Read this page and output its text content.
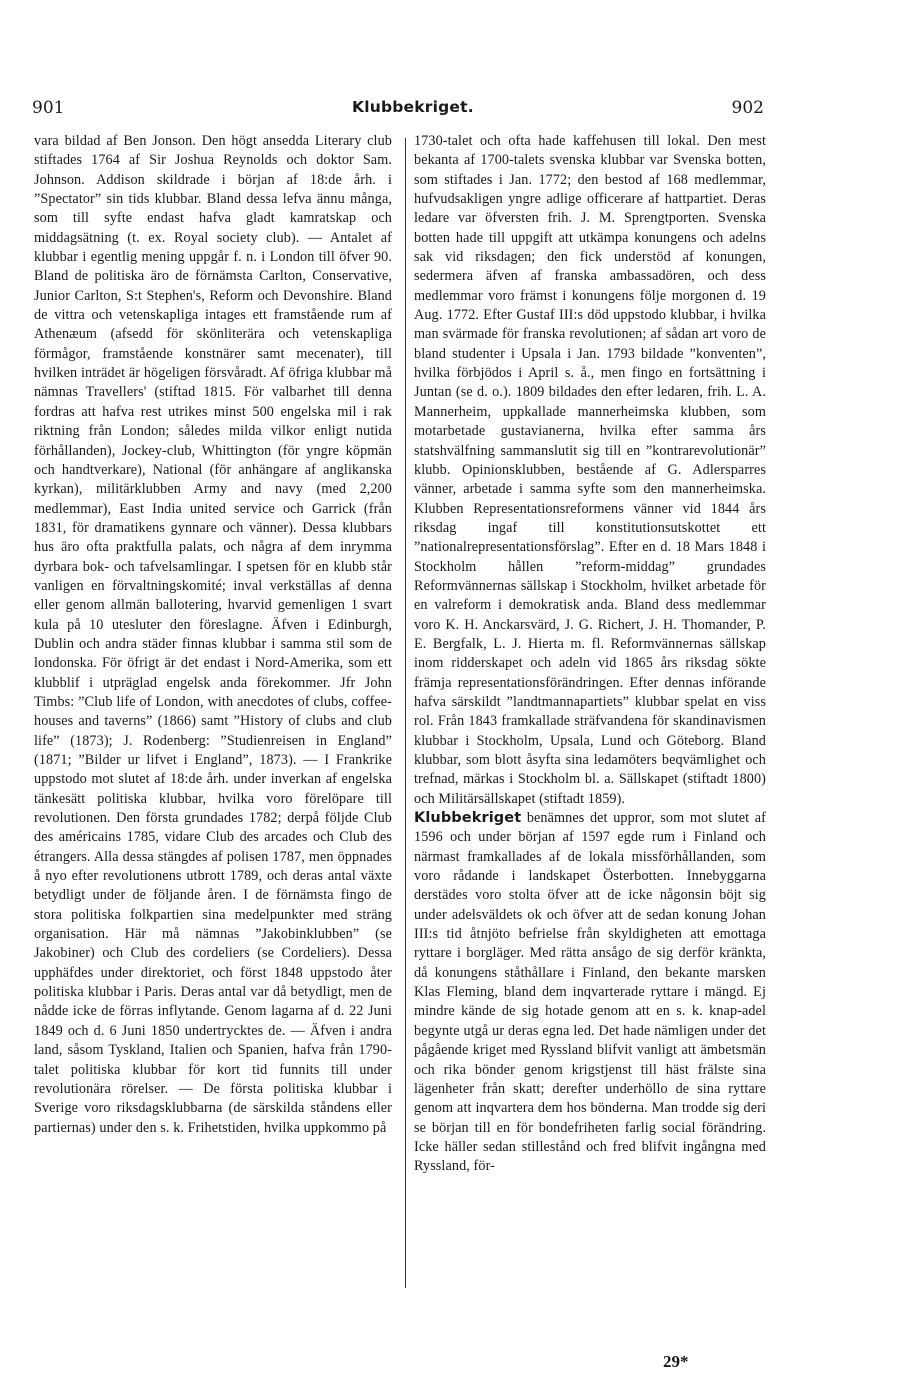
901	Klubbekriget.	902

vara bildad af Ben Jonson. Den högt ansedda Literary club stiftades 1764 af Sir Joshua Reynolds och doktor Sam. Johnson. Addison skildrade i början af 18:de årh. i ”Spectator” sin tids klubbar. Bland dessa lefva ännu många, som till syfte endast hafva gladt kamratskap och middagsätning (t. ex. Royal society club). — Antalet af klubbar i egentlig mening uppgår f. n. i London till öfver 90. Bland de politiska äro de förnämsta Carlton, Conservative, Junior Carlton, S:t Stephen's, Reform och Devonshire. Bland de vittra och vetenskapliga intages ett framstående rum af Athenæum (afsedd för skönliterära och vetenskapliga förmågor, framstående konstnärer samt mecenater), till hvilken inträdet är högeligen försvåradt. Af öfriga klubbar må nämnas Travellers' (stiftad 1815. För valbarhet till denna fordras att hafva rest utrikes minst 500 engelska mil i rak riktning från London; således milda vilkor enligt nutida förhållanden), Jockey-club, Whittington (för yngre köpmän och handtverkare), National (för anhängare af anglikanska kyrkan), militärklubben Army and navy (med 2,200 medlemmar), East India united service och Garrick (från 1831, för dramatikens gynnare och vänner). Dessa klubbars hus äro ofta praktfulla palats, och några af dem inrymma dyrbara bok- och tafvelsamlingar. I spetsen för en klubb står vanligen en förvaltningskomité; inval verkställas af denna eller genom allmän ballotering, hvarvid gemenligen 1 svart kula på 10 utesluter den föreslagne. Äfven i Edinburgh, Dublin och andra städer finnas klubbar i samma stil som de londonska. För öfrigt är det endast i Nord-Amerika, som ett klubblif i utpräglad engelsk anda förekommer. Jfr John Timbs: ”Club life of London, with anecdotes of clubs, coffee-houses and taverns” (1866) samt ”History of clubs and club life” (1873); J. Rodenberg: ”Studienreisen in England” (1871; ”Bilder ur lifvet i England”, 1873). — I Frankrike uppstodo mot slutet af 18:de årh. under inverkan af engelska tänkesätt politiska klubbar, hvilka voro förelöpare till revolutionen. Den första grundades 1782; derpå följde Club des américains 1785, vidare Club des arcades och Club des étrangers. Alla dessa stängdes af polisen 1787, men öppnades å nyo efter revolutionens utbrott 1789, och deras antal växte betydligt under de följande åren. I de förnämsta fingo de stora politiska folkpartien sina medelpunkter med sträng organisation. Här må nämnas ”Jakobinklubben” (se Jakobiner) och Club des cordeliers (se Cordeliers). Dessa upphäfdes under direktoriet, och först 1848 uppstodo åter politiska klubbar i Paris. Deras antal var då betydligt, men de nådde icke de förras inflytande. Genom lagarna af d. 22 Juni 1849 och d. 6 Juni 1850 undertrycktes de. — Äfven i andra land, såsom Tyskland, Italien och Spanien, hafva från 1790-talet politiska klubbar för kort tid funnits till under revolutionära rörelser. — De första politiska klubbar i Sverige voro riksdagsklubbarna (de särskilda ståndens eller partiernas) under den s. k. Frihetstiden, hvilka uppkommo på

1730-talet och ofta hade kaffehusen till lokal. Den mest bekanta af 1700-talets svenska klubbar var Svenska botten, som stiftades i Jan. 1772; den bestod af 168 medlemmar, hufvudsakligen yngre adlige officerare af hattpartiet. Deras ledare var öfversten frih. J. M. Sprengtporten. Svenska botten hade till uppgift att utkämpa konungens och adelns sak vid riksdagen; den fick understöd af konungen, sedermera äfven af franska ambassadören, och dess medlemmar voro främst i konungens följe morgonen d. 19 Aug. 1772. Efter Gustaf III:s död uppstodo klubbar, i hvilka man svärmade för franska revolutionen; af sådan art voro de bland studenter i Upsala i Jan. 1793 bildade ”konventen”, hvilka förbjödos i April s. å., men fingo en fortsättning i Juntan (se d. o.). 1809 bildades den efter ledaren, frih. L. A. Mannerheim, uppkallade mannerheimska klubben, som motarbetade gustavianerna, hvilka efter samma års statshvälfning sammanslutit sig till en ”kontrarevolutionär” klubb. Opinionsklubben, bestående af G. Adlersparres vänner, arbetade i samma syfte som den mannerheimska. Klubben Representationsreformens vänner vid 1844 års riksdag ingaf till konstitutionsutskottet ett ”nationalrepresentationsförslag”. Efter en d. 18 Mars 1848 i Stockholm hållen ”reform-middag” grundades Reformvännernas sällskap i Stockholm, hvilket arbetade för en valreform i demokratisk anda. Bland dess medlemmar voro K. H. Anckarsvärd, J. G. Richert, J. H. Thomander, P. E. Bergfalk, L. J. Hierta m. fl. Reformvännernas sällskap inom ridderskapet och adeln vid 1865 års riksdag sökte främja representationsförändringen. Efter dennas införande hafva särskildt ”landtmannapartiets” klubbar spelat en viss rol. Från 1843 framkallade sträfvandena för skandinavismen klubbar i Stockholm, Upsala, Lund och Göteborg. Bland klubbar, som blott åsyfta sina ledamöters beqvämlighet och trefnad, märkas i Stockholm bl. a. Sällskapet (stiftadt 1800) och Militärsällskapet (stiftadt 1859).

Klubbekriget benämnes det uppror, som mot slutet af 1596 och under början af 1597 egde rum i Finland och närmast framkallades af de lokala missförhållanden, som voro rådande i landskapet Österbotten. Innebyggarna derstädes voro stolta öfver att de icke någonsin böjt sig under adelsväldets ok och öfver att de sedan konung Johan III:s tid åtnjöto befrielse från skyldigheten att emottaga ryttare i borgläger. Med rätta ansågo de sig derför kränkta, då konungens ståthållare i Finland, den bekante marsken Klas Fleming, bland dem inqvarterade ryttare i mängd. Ej mindre kände de sig hotade genom att en s. k. knap-adel begynte utgå ur deras egna led. Det hade nämligen under det pågående kriget med Ryssland blifvit vanligt att ämbetsmän och rika bönder genom krigstjenst till häst frälste sina lägenheter från skatt; derefter underhöllo de sina ryttare genom att inqvartera dem hos bönderna. Man trodde sig deri se början till en för bondefriheten farlig social förändring. Icke häller sedan stillestånd och fred blifvit ingångna med Ryssland, för-

29*
